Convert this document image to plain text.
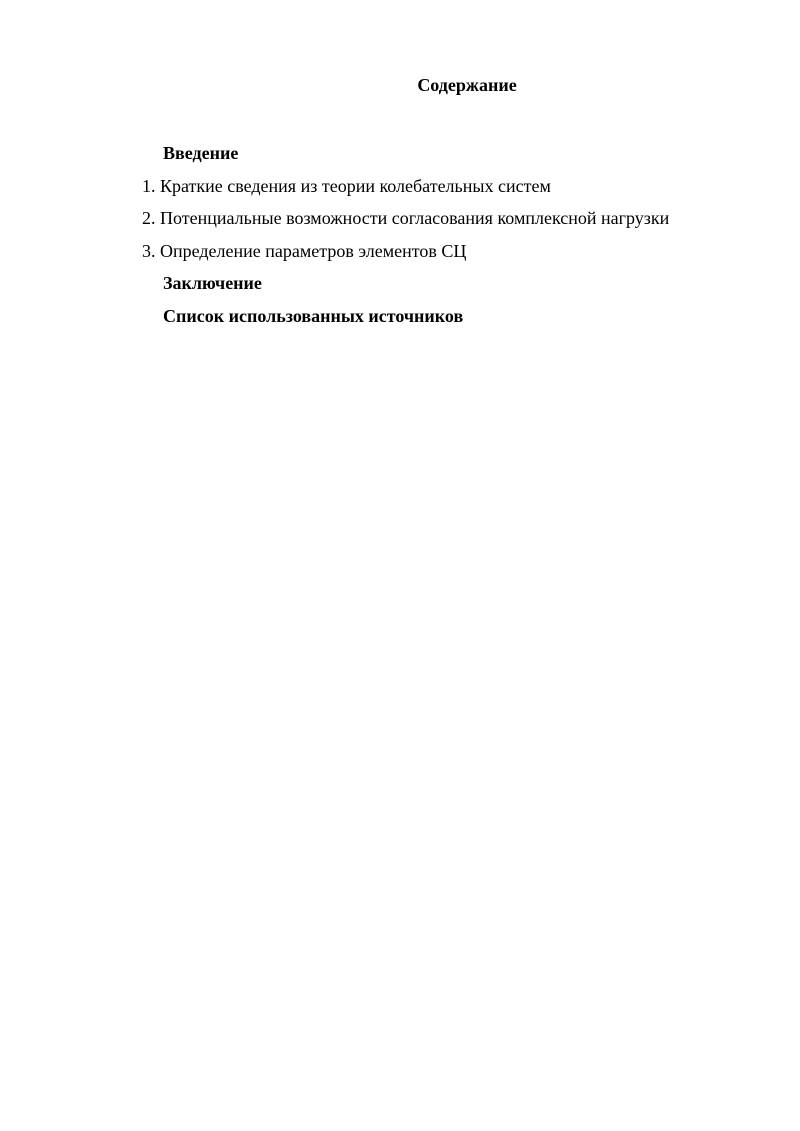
Содержание
Введение
1. Краткие сведения из теории колебательных систем
2. Потенциальные возможности согласования комплексной нагрузки
3. Определение параметров элементов СЦ
Заключение
Список использованных источников
